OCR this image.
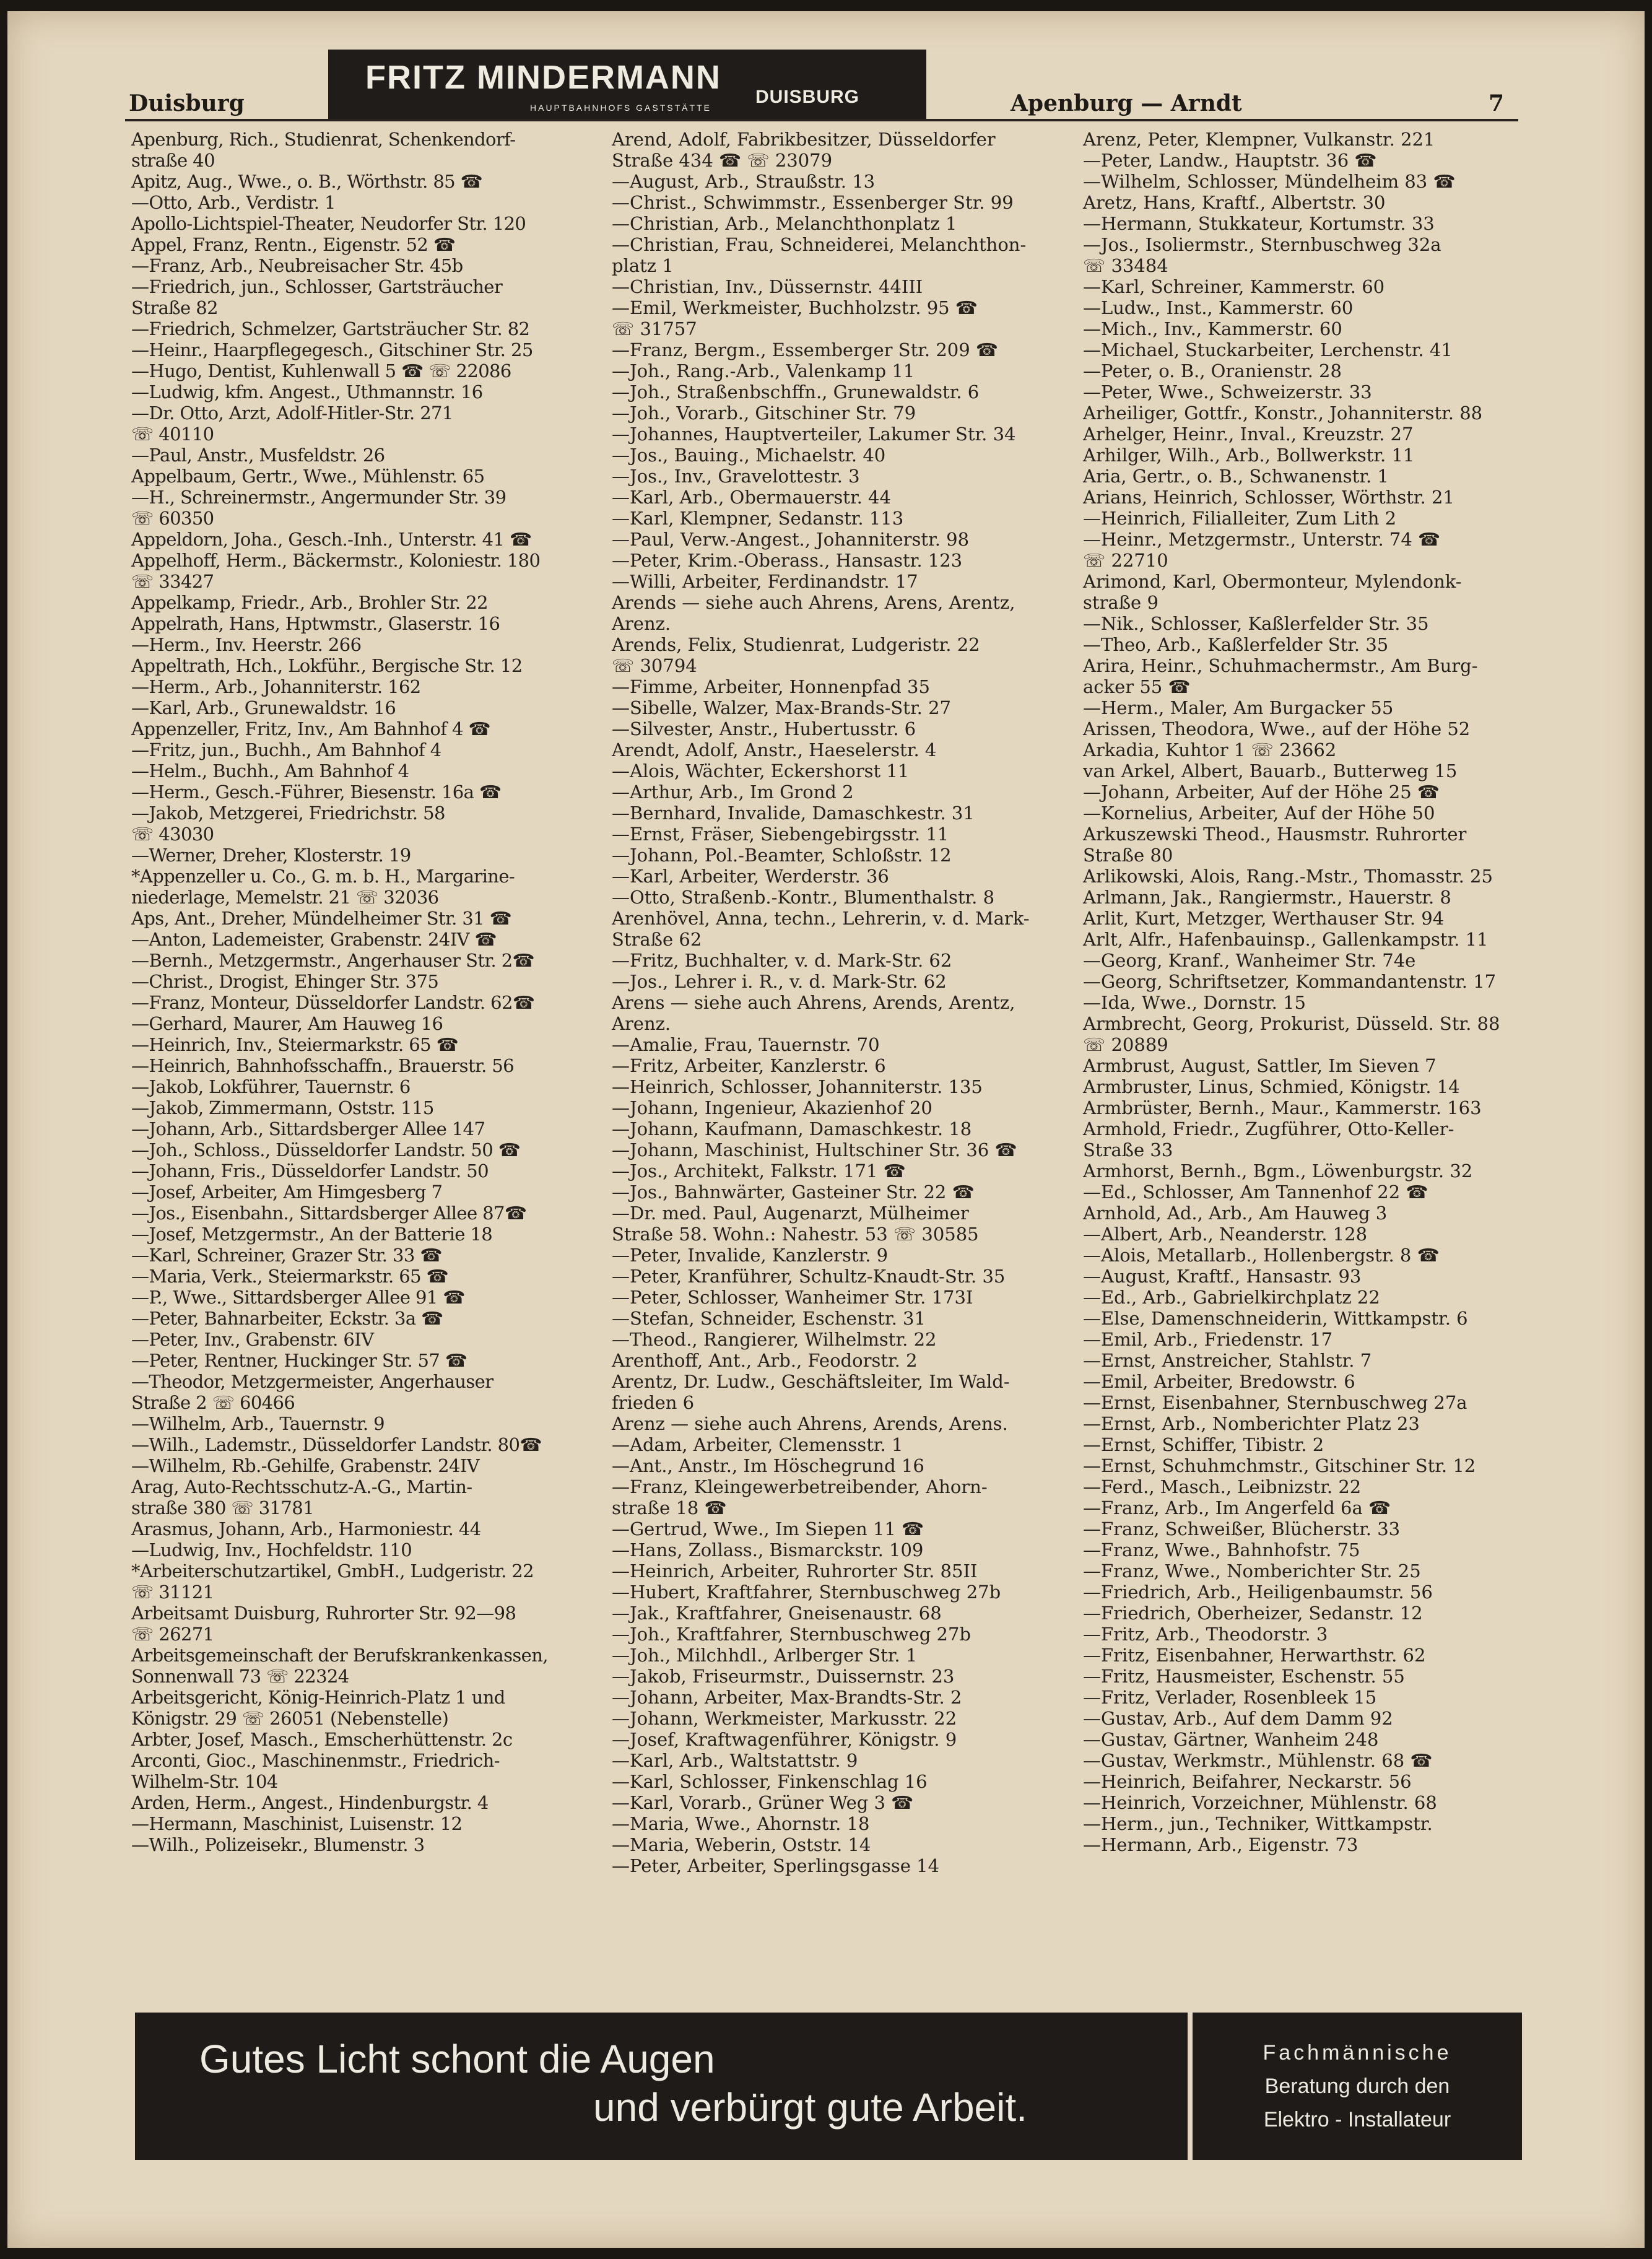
Duisburg
FRITZ MINDERMANN
HAUPTBAHNHOFS GASTSTÄTTE
DUISBURG	Apenburg — Arndt	7
Apenburg, Rich., Studienrat, Schenkendorf-
straße 40
Apitz, Aug., Wwe., o. B., Wörthstr. 85 ☎
—Otto, Arb., Verdistr. 1
Apollo-Lichtspiel-Theater, Neudorfer Str. 120
Appel, Franz, Rentn., Eigenstr. 52 ☎
—Franz, Arb., Neubreisacher Str. 45b
—Friedrich, jun., Schlosser, Gartsträucher
Straße 82
—Friedrich, Schmelzer, Gartsträucher Str. 82
—Heinr., Haarpflegegesch., Gitschiner Str. 25
—Hugo, Dentist, Kuhlenwall 5 ☎ ☏ 22086
—Ludwig, kfm. Angest., Uthmannstr. 16
—Dr. Otto, Arzt, Adolf-Hitler-Str. 271
☏ 40110
—Paul, Anstr., Musfeldstr. 26
Appelbaum, Gertr., Wwe., Mühlenstr. 65
—H., Schreinermstr., Angermunder Str. 39
☏ 60350
Appeldorn, Joha., Gesch.-Inh., Unterstr. 41 ☎
Appelhoff, Herm., Bäckermstr., Koloniestr. 180
☏ 33427
Appelkamp, Friedr., Arb., Brohler Str. 22
Appelrath, Hans, Hptwmstr., Glaserstr. 16
—Herm., Inv. Heerstr. 266
Appeltrath, Hch., Lokführ., Bergische Str. 12
—Herm., Arb., Johanniterstr. 162
—Karl, Arb., Grunewaldstr. 16
Appenzeller, Fritz, Inv., Am Bahnhof 4 ☎
—Fritz, jun., Buchh., Am Bahnhof 4
—Helm., Buchh., Am Bahnhof 4
—Herm., Gesch.-Führer, Biesenstr. 16a ☎
—Jakob, Metzgerei, Friedrichstr. 58
☏ 43030
—Werner, Dreher, Klosterstr. 19
*Appenzeller u. Co., G. m. b. H., Margarine-
niederlage, Memelstr. 21 ☏ 32036
Aps, Ant., Dreher, Mündelheimer Str. 31 ☎
—Anton, Lademeister, Grabenstr. 24IV ☎
—Bernh., Metzgermstr., Angerhauser Str. 2☎
—Christ., Drogist, Ehinger Str. 375
—Franz, Monteur, Düsseldorfer Landstr. 62☎
—Gerhard, Maurer, Am Hauweg 16
—Heinrich, Inv., Steiermarkstr. 65 ☎
—Heinrich, Bahnhofsschaffn., Brauerstr. 56
—Jakob, Lokführer, Tauernstr. 6
—Jakob, Zimmermann, Oststr. 115
—Johann, Arb., Sittardsberger Allee 147
—Joh., Schloss., Düsseldorfer Landstr. 50 ☎
—Johann, Fris., Düsseldorfer Landstr. 50
—Josef, Arbeiter, Am Himgesberg 7
—Jos., Eisenbahn., Sittardsberger Allee 87☎
—Josef, Metzgermstr., An der Batterie 18
—Karl, Schreiner, Grazer Str. 33 ☎
—Maria, Verk., Steiermarkstr. 65 ☎
—P., Wwe., Sittardsberger Allee 91 ☎
—Peter, Bahnarbeiter, Eckstr. 3a ☎
—Peter, Inv., Grabenstr. 6IV
—Peter, Rentner, Huckinger Str. 57 ☎
—Theodor, Metzgermeister, Angerhauser
Straße 2 ☏ 60466
—Wilhelm, Arb., Tauernstr. 9
—Wilh., Lademstr., Düsseldorfer Landstr. 80☎
—Wilhelm, Rb.-Gehilfe, Grabenstr. 24IV
Arag, Auto-Rechtsschutz-A.-G., Martin-
straße 380 ☏ 31781
Arasmus, Johann, Arb., Harmoniestr. 44
—Ludwig, Inv., Hochfeldstr. 110
*Arbeiterschutzartikel, GmbH., Ludgeristr. 22
☏ 31121
Arbeitsamt Duisburg, Ruhrorter Str. 92—98
☏ 26271
Arbeitsgemeinschaft der Berufskrankenkassen,
Sonnenwall 73 ☏ 22324
Arbeitsgericht, König-Heinrich-Platz 1 und
Königstr. 29 ☏ 26051 (Nebenstelle)
Arbter, Josef, Masch., Emscherhüttenstr. 2c
Arconti, Gioc., Maschinenmstr., Friedrich-
Wilhelm-Str. 104
Arden, Herm., Angest., Hindenburgstr. 4
—Hermann, Maschinist, Luisenstr. 12
—Wilh., Polizeisekr., Blumenstr. 3
Arend, Adolf, Fabrikbesitzer, Düsseldorfer
Straße 434 ☎ ☏ 23079
—August, Arb., Straußstr. 13
—Christ., Schwimmstr., Essenberger Str. 99
—Christian, Arb., Melanchthonplatz 1
—Christian, Frau, Schneiderei, Melanchthon-
platz 1
—Christian, Inv., Düssernstr. 44III
—Emil, Werkmeister, Buchholzstr. 95 ☎
☏ 31757
—Franz, Bergm., Essemberger Str. 209 ☎
—Joh., Rang.-Arb., Valenkamp 11
—Joh., Straßenbschffn., Grunewaldstr. 6
—Joh., Vorarb., Gitschiner Str. 79
—Johannes, Hauptverteiler, Lakumer Str. 34
—Jos., Bauing., Michaelstr. 40
—Jos., Inv., Gravelottestr. 3
—Karl, Arb., Obermauerstr. 44
—Karl, Klempner, Sedanstr. 113
—Paul, Verw.-Angest., Johanniterstr. 98
—Peter, Krim.-Oberass., Hansastr. 123
—Willi, Arbeiter, Ferdinandstr. 17
Arends — siehe auch Ahrens, Arens, Arentz,
Arenz.
Arends, Felix, Studienrat, Ludgeristr. 22
☏ 30794
—Fimme, Arbeiter, Honnenpfad 35
—Sibelle, Walzer, Max-Brands-Str. 27
—Silvester, Anstr., Hubertusstr. 6
Arendt, Adolf, Anstr., Haeselerstr. 4
—Alois, Wächter, Eckershorst 11
—Arthur, Arb., Im Grond 2
—Bernhard, Invalide, Damaschkestr. 31
—Ernst, Fräser, Siebengebirgsstr. 11
—Johann, Pol.-Beamter, Schloßstr. 12
—Karl, Arbeiter, Werderstr. 36
—Otto, Straßenb.-Kontr., Blumenthalstr. 8
Arenhövel, Anna, techn., Lehrerin, v. d. Mark-
Straße 62
—Fritz, Buchhalter, v. d. Mark-Str. 62
—Jos., Lehrer i. R., v. d. Mark-Str. 62
Arens — siehe auch Ahrens, Arends, Arentz,
Arenz.
—Amalie, Frau, Tauernstr. 70
—Fritz, Arbeiter, Kanzlerstr. 6
—Heinrich, Schlosser, Johanniterstr. 135
—Johann, Ingenieur, Akazienhof 20
—Johann, Kaufmann, Damaschkestr. 18
—Johann, Maschinist, Hultschiner Str. 36 ☎
—Jos., Architekt, Falkstr. 171 ☎
—Jos., Bahnwärter, Gasteiner Str. 22 ☎
—Dr. med. Paul, Augenarzt, Mülheimer
Straße 58. Wohn.: Nahestr. 53 ☏ 30585
—Peter, Invalide, Kanzlerstr. 9
—Peter, Kranführer, Schultz-Knaudt-Str. 35
—Peter, Schlosser, Wanheimer Str. 173I
—Stefan, Schneider, Eschenstr. 31
—Theod., Rangierer, Wilhelmstr. 22
Arenthoff, Ant., Arb., Feodorstr. 2
Arentz, Dr. Ludw., Geschäftsleiter, Im Wald-
frieden 6
Arenz — siehe auch Ahrens, Arends, Arens.
—Adam, Arbeiter, Clemensstr. 1
—Ant., Anstr., Im Höschegrund 16
—Franz, Kleingewerbetreibender, Ahorn-
straße 18 ☎
—Gertrud, Wwe., Im Siepen 11 ☎
—Hans, Zollass., Bismarckstr. 109
—Heinrich, Arbeiter, Ruhrorter Str. 85II
—Hubert, Kraftfahrer, Sternbuschweg 27b
—Jak., Kraftfahrer, Gneisenaustr. 68
—Joh., Kraftfahrer, Sternbuschweg 27b
—Joh., Milchhdl., Arlberger Str. 1
—Jakob, Friseurmstr., Duissernstr. 23
—Johann, Arbeiter, Max-Brandts-Str. 2
—Johann, Werkmeister, Markusstr. 22
—Josef, Kraftwagenführer, Königstr. 9
—Karl, Arb., Waltstattstr. 9
—Karl, Schlosser, Finkenschlag 16
—Karl, Vorarb., Grüner Weg 3 ☎
—Maria, Wwe., Ahornstr. 18
—Maria, Weberin, Oststr. 14
—Peter, Arbeiter, Sperlingsgasse 14
Arenz, Peter, Klempner, Vulkanstr. 221
—Peter, Landw., Hauptstr. 36 ☎
—Wilhelm, Schlosser, Mündelheim 83 ☎
Aretz, Hans, Kraftf., Albertstr. 30
—Hermann, Stukkateur, Kortumstr. 33
—Jos., Isoliermstr., Sternbuschweg 32a
☏ 33484
—Karl, Schreiner, Kammerstr. 60
—Ludw., Inst., Kammerstr. 60
—Mich., Inv., Kammerstr. 60
—Michael, Stuckarbeiter, Lerchenstr. 41
—Peter, o. B., Oranienstr. 28
—Peter, Wwe., Schweizerstr. 33
Arheiliger, Gottfr., Konstr., Johanniterstr. 88
Arhelger, Heinr., Inval., Kreuzstr. 27
Arhilger, Wilh., Arb., Bollwerkstr. 11
Aria, Gertr., o. B., Schwanenstr. 1
Arians, Heinrich, Schlosser, Wörthstr. 21
—Heinrich, Filialleiter, Zum Lith 2
—Heinr., Metzgermstr., Unterstr. 74 ☎
☏ 22710
Arimond, Karl, Obermonteur, Mylendonk-
straße 9
—Nik., Schlosser, Kaßlerfelder Str. 35
—Theo, Arb., Kaßlerfelder Str. 35
Arira, Heinr., Schuhmachermstr., Am Burg-
acker 55 ☎
—Herm., Maler, Am Burgacker 55
Arissen, Theodora, Wwe., auf der Höhe 52
Arkadia, Kuhtor 1 ☏ 23662
van Arkel, Albert, Bauarb., Butterweg 15
—Johann, Arbeiter, Auf der Höhe 25 ☎
—Kornelius, Arbeiter, Auf der Höhe 50
Arkuszewski Theod., Hausmstr. Ruhrorter
Straße 80
Arlikowski, Alois, Rang.-Mstr., Thomasstr. 25
Arlmann, Jak., Rangiermstr., Hauerstr. 8
Arlit, Kurt, Metzger, Werthauser Str. 94
Arlt, Alfr., Hafenbauinsp., Gallenkampstr. 11
—Georg, Kranf., Wanheimer Str. 74e
—Georg, Schriftsetzer, Kommandantenstr. 17
—Ida, Wwe., Dornstr. 15
Armbrecht, Georg, Prokurist, Düsseld. Str. 88
☏ 20889
Armbrust, August, Sattler, Im Sieven 7
Armbruster, Linus, Schmied, Königstr. 14
Armbrüster, Bernh., Maur., Kammerstr. 163
Armhold, Friedr., Zugführer, Otto-Keller-
Straße 33
Armhorst, Bernh., Bgm., Löwenburgstr. 32
—Ed., Schlosser, Am Tannenhof 22 ☎
Arnhold, Ad., Arb., Am Hauweg 3
—Albert, Arb., Neanderstr. 128
—Alois, Metallarb., Hollenbergstr. 8 ☎
—August, Kraftf., Hansastr. 93
—Ed., Arb., Gabrielkirchplatz 22
—Else, Damenschneiderin, Wittkampstr. 6
—Emil, Arb., Friedenstr. 17
—Ernst, Anstreicher, Stahlstr. 7
—Emil, Arbeiter, Bredowstr. 6
—Ernst, Eisenbahner, Sternbuschweg 27a
—Ernst, Arb., Nomberichter Platz 23
—Ernst, Schiffer, Tibistr. 2
—Ernst, Schuhmchmstr., Gitschiner Str. 12
—Ferd., Masch., Leibnizstr. 22
—Franz, Arb., Im Angerfeld 6a ☎
—Franz, Schweißer, Blücherstr. 33
—Franz, Wwe., Bahnhofstr. 75
—Franz, Wwe., Nomberichter Str. 25
—Friedrich, Arb., Heiligenbaumstr. 56
—Friedrich, Oberheizer, Sedanstr. 12
—Fritz, Arb., Theodorstr. 3
—Fritz, Eisenbahner, Herwarthstr. 62
—Fritz, Hausmeister, Eschenstr. 55
—Fritz, Verlader, Rosenbleek 15
—Gustav, Arb., Auf dem Damm 92
—Gustav, Gärtner, Wanheim 248
—Gustav, Werkmstr., Mühlenstr. 68 ☎
—Heinrich, Beifahrer, Neckarstr. 56
—Heinrich, Vorzeichner, Mühlenstr. 68
—Herm., jun., Techniker, Wittkampstr.
—Hermann, Arb., Eigenstr. 73
Gutes Licht schont die Augen
und verbürgt gute Arbeit.
Fachmännische
Beratung durch den
Elektro - Installateur
